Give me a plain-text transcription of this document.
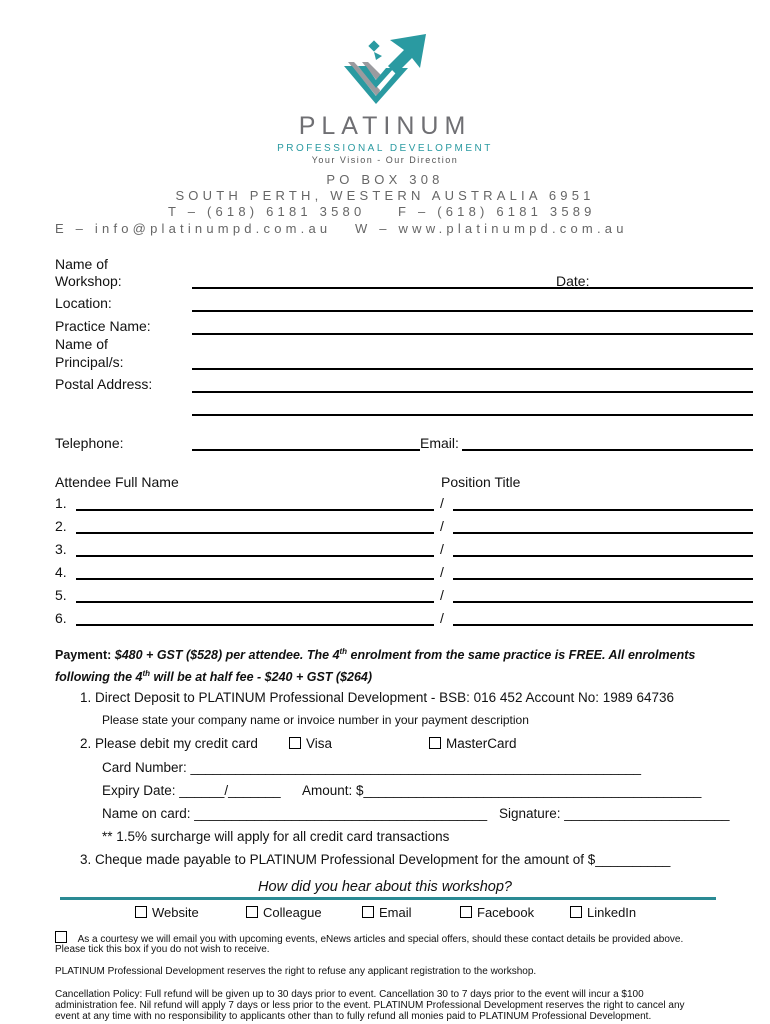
PLATINUM
PROFESSIONAL DEVELOPMENT
Your Vision - Our Direction
PO BOX 308
SOUTH PERTH, WESTERN AUSTRALIA 6951
T – (618) 6181 3580	F – (618) 6181 3589
E – info@platinumpd.com.au W – www.platinumpd.com.au
Name of
Workshop:	Date:
Location:
Practice Name:
Name of
Principal/s:
Postal Address:
Telephone:	Email:
Attendee Full Name	Position Title
1.	/
2.	/
3.	/
4.	/
5.	/
6.	/
Payment: $480 + GST ($528) per attendee. The 4th enrolment from the same practice is FREE. All enrolments
following the 4th will be at half fee - $240 + GST ($264)
1. Direct Deposit to PLATINUM Professional Development - BSB: 016 452 Account No: 1989 64736
Please state your company name or invoice number in your payment description
2. Please debit my credit card	Visa	MasterCard
Card Number: ____________________________________________________________
Expiry Date: ______/_______ Amount: $_____________________________________________
Name on card: _______________________________________ Signature: ______________________
** 1.5% surcharge will apply for all credit card transactions
3. Cheque made payable to PLATINUM Professional Development for the amount of $__________
How did you hear about this workshop?
Website	Colleague	Email	Facebook	LinkedIn
As a courtesy we will email you with upcoming events, eNews articles and special offers, should these contact details be provided above.
Please tick this box if you do not wish to receive.
PLATINUM Professional Development reserves the right to refuse any applicant registration to the workshop.
Cancellation Policy: Full refund will be given up to 30 days prior to event. Cancellation 30 to 7 days prior to the event will incur a $100
administration fee. Nil refund will apply 7 days or less prior to the event. PLATINUM Professional Development reserves the right to cancel any
event at any time with no responsibility to applicants other than to fully refund all monies paid to PLATINUM Professional Development.
